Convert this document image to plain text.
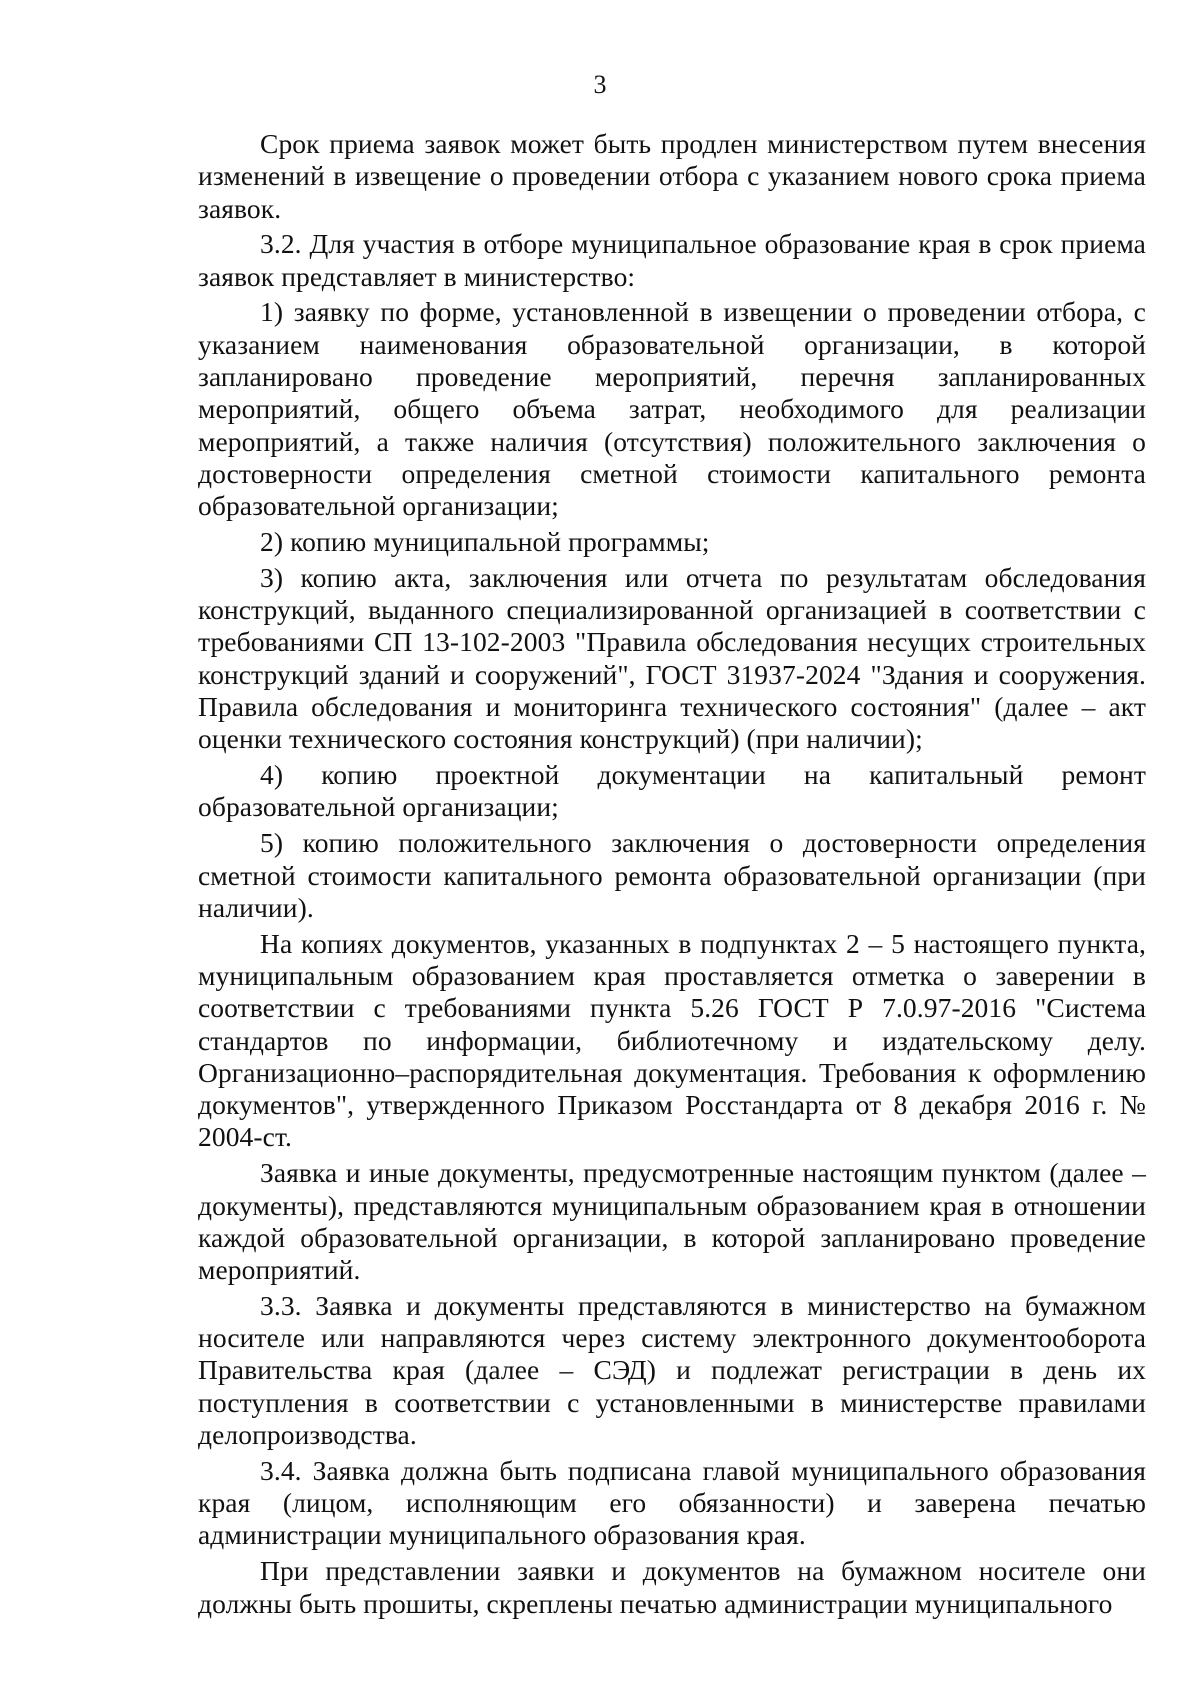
3

Срок приема заявок может быть продлен министерством путем внесения изменений в извещение о проведении отбора с указанием нового срока приема заявок.

3.2. Для участия в отборе муниципальное образование края в срок приема заявок представляет в министерство:

1) заявку по форме, установленной в извещении о проведении отбора, с указанием наименования образовательной организации, в которой запланировано проведение мероприятий, перечня запланированных мероприятий, общего объема затрат, необходимого для реализации мероприятий, а также наличия (отсутствия) положительного заключения о достоверности определения сметной стоимости капитального ремонта образовательной организации;

2) копию муниципальной программы;

3) копию акта, заключения или отчета по результатам обследования конструкций, выданного специализированной организацией в соответствии с требованиями СП 13-102-2003 "Правила обследования несущих строительных конструкций зданий и сооружений", ГОСТ 31937-2024 "Здания и сооружения. Правила обследования и мониторинга технического состояния" (далее – акт оценки технического состояния конструкций) (при наличии);

4) копию проектной документации на капитальный ремонт образовательной организации;

5) копию положительного заключения о достоверности определения сметной стоимости капитального ремонта образовательной организации (при наличии).

На копиях документов, указанных в подпунктах 2 – 5 настоящего пункта, муниципальным образованием края проставляется отметка о заверении в соответствии с требованиями пункта 5.26 ГОСТ Р 7.0.97-2016 "Система стандартов по информации, библиотечному и издательскому делу. Организационно–распорядительная документация. Требования к оформлению документов", утвержденного Приказом Росстандарта от 8 декабря 2016 г. № 2004-ст.

Заявка и иные документы, предусмотренные настоящим пунктом (далее – документы), представляются муниципальным образованием края в отношении каждой образовательной организации, в которой запланировано проведение мероприятий.

3.3. Заявка и документы представляются в министерство на бумажном носителе или направляются через систему электронного документооборота Правительства края (далее – СЭД) и подлежат регистрации в день их поступления в соответствии с установленными в министерстве правилами делопроизводства.

3.4. Заявка должна быть подписана главой муниципального образования края (лицом, исполняющим его обязанности) и заверена печатью администрации муниципального образования края.

При представлении заявки и документов на бумажном носителе они должны быть прошиты, скреплены печатью администрации муниципального
